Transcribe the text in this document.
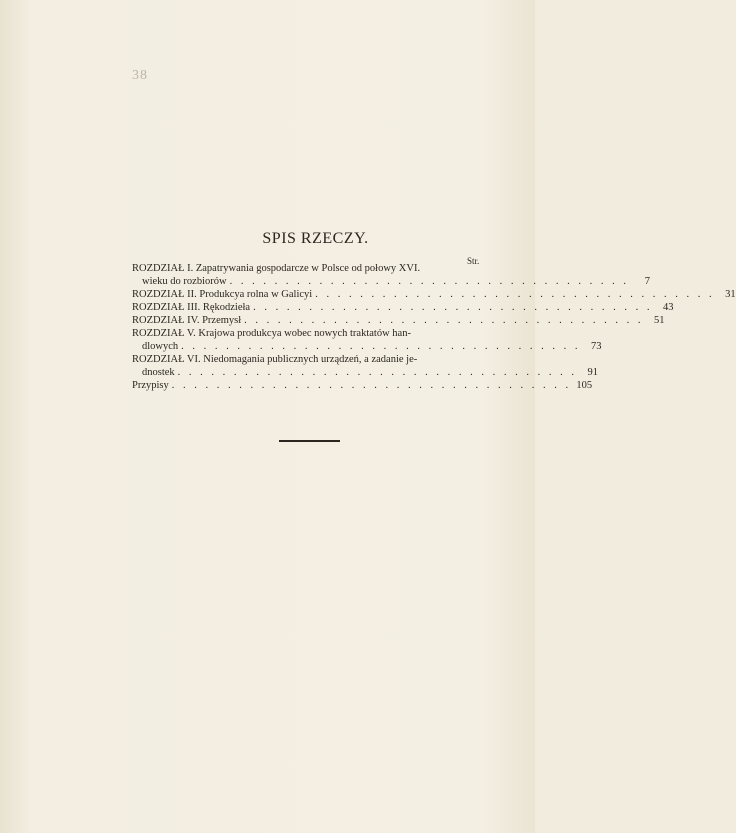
38
SPIS RZECZY.
Str.
ROZDZIAŁ I. Zapatrywania gospodarcze w Polsce od połowy XVI.
wieku do rozbiorów . . . . . . . . . . . . . . . . . . . . . . . . . . . . . . . . . . . .	7
ROZDZIAŁ II. Produkcya rolna w Galicyi . . . . . . . . . . . . . . . . . . . . . . . . . . . . . . . . . . . .	31
ROZDZIAŁ III. Rękodzieła . . . . . . . . . . . . . . . . . . . . . . . . . . . . . . . . . . . .	43
ROZDZIAŁ IV. Przemysł . . . . . . . . . . . . . . . . . . . . . . . . . . . . . . . . . . . .	51
ROZDZIAŁ V. Krajowa produkcya wobec nowych traktatów han-
dlowych . . . . . . . . . . . . . . . . . . . . . . . . . . . . . . . . . . . .	73
ROZDZIAŁ VI. Niedomagania publicznych urządzeń, a zadanie je-
dnostek . . . . . . . . . . . . . . . . . . . . . . . . . . . . . . . . . . . .	91
Przypisy . . . . . . . . . . . . . . . . . . . . . . . . . . . . . . . . . . . . 105
